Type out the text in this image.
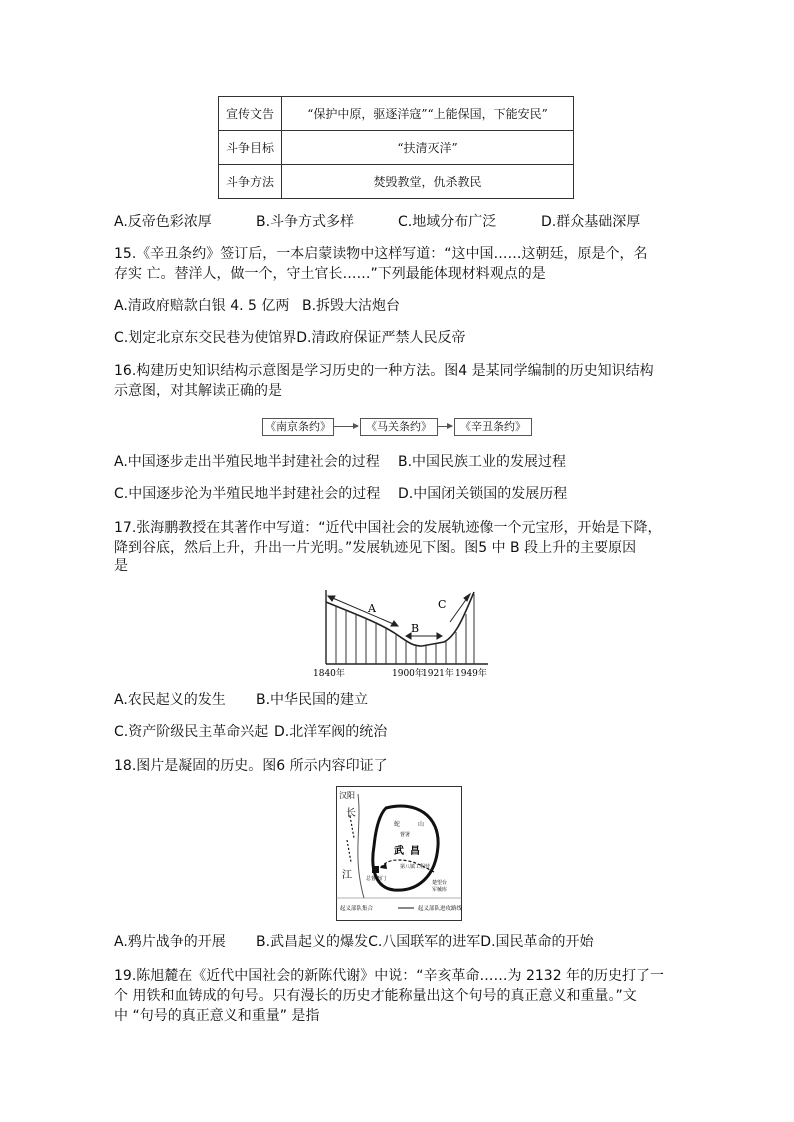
宣传文告	“保护中原，驱逐洋寇”“上能保国，下能安民”
斗争目标	“扶清灭洋”
斗争方法	焚毁教堂，仇杀教民
A.反帝色彩浓厚	B.斗争方式多样	C.地域分布广泛	D.群众基础深厚
15.《辛丑条约》签订后，一本启蒙读物中这样写道：“这中国……这朝廷，原是个，名
存实 亡。替洋人，做一个，守土官长……”下列最能体现材料观点的是
A.清政府赔款白银 4. 5 亿两 B.拆毁大沽炮台
C.划定北京东交民巷为使馆界D.清政府保证严禁人民反帝
16.构建历史知识结构示意图是学习历史的一种方法。图4 是某同学编制的历史知识结构
示意图，对其解读正确的是
《南京条约》	《马关条约》	《辛丑条约》
A.中国逐步走出半殖民地半封建社会的过程 B.中国民族工业的发展过程
C.中国逐步沦为半殖民地半封建社会的过程 D.中国闭关锁国的发展历程
17.张海鹏教授在其著作中写道：“近代中国社会的发展轨迹像一个元宝形，开始是下降，
降到谷底，然后上升，升出一片光明。”发展轨迹见下图。图5 中 B 段上升的主要原因
是
A
B
C
1840年	1900年
1921年 1949年
A.农民起义的发生 B.中华民国的建立
C.资产阶级民主革命兴起 D.北洋军阀的统治
18.图片是凝固的历史。图6 所示内容印证了
汉阳
长
江
蛇	山
督署
武 昌
总督衙门
第八镇工程营
楚望台
军械库
起义部队集合	起义部队进攻路线
A.鸦片战争的开展 B.武昌起义的爆发C.八国联军的进军D.国民革命的开始
19.陈旭麓在《近代中国社会的新陈代谢》中说：“辛亥革命……为 2132 年的历史打了一
个 用铁和血铸成的句号。只有漫长的历史才能称量出这个句号的真正意义和重量。”文
中 “句号的真正意义和重量” 是指
